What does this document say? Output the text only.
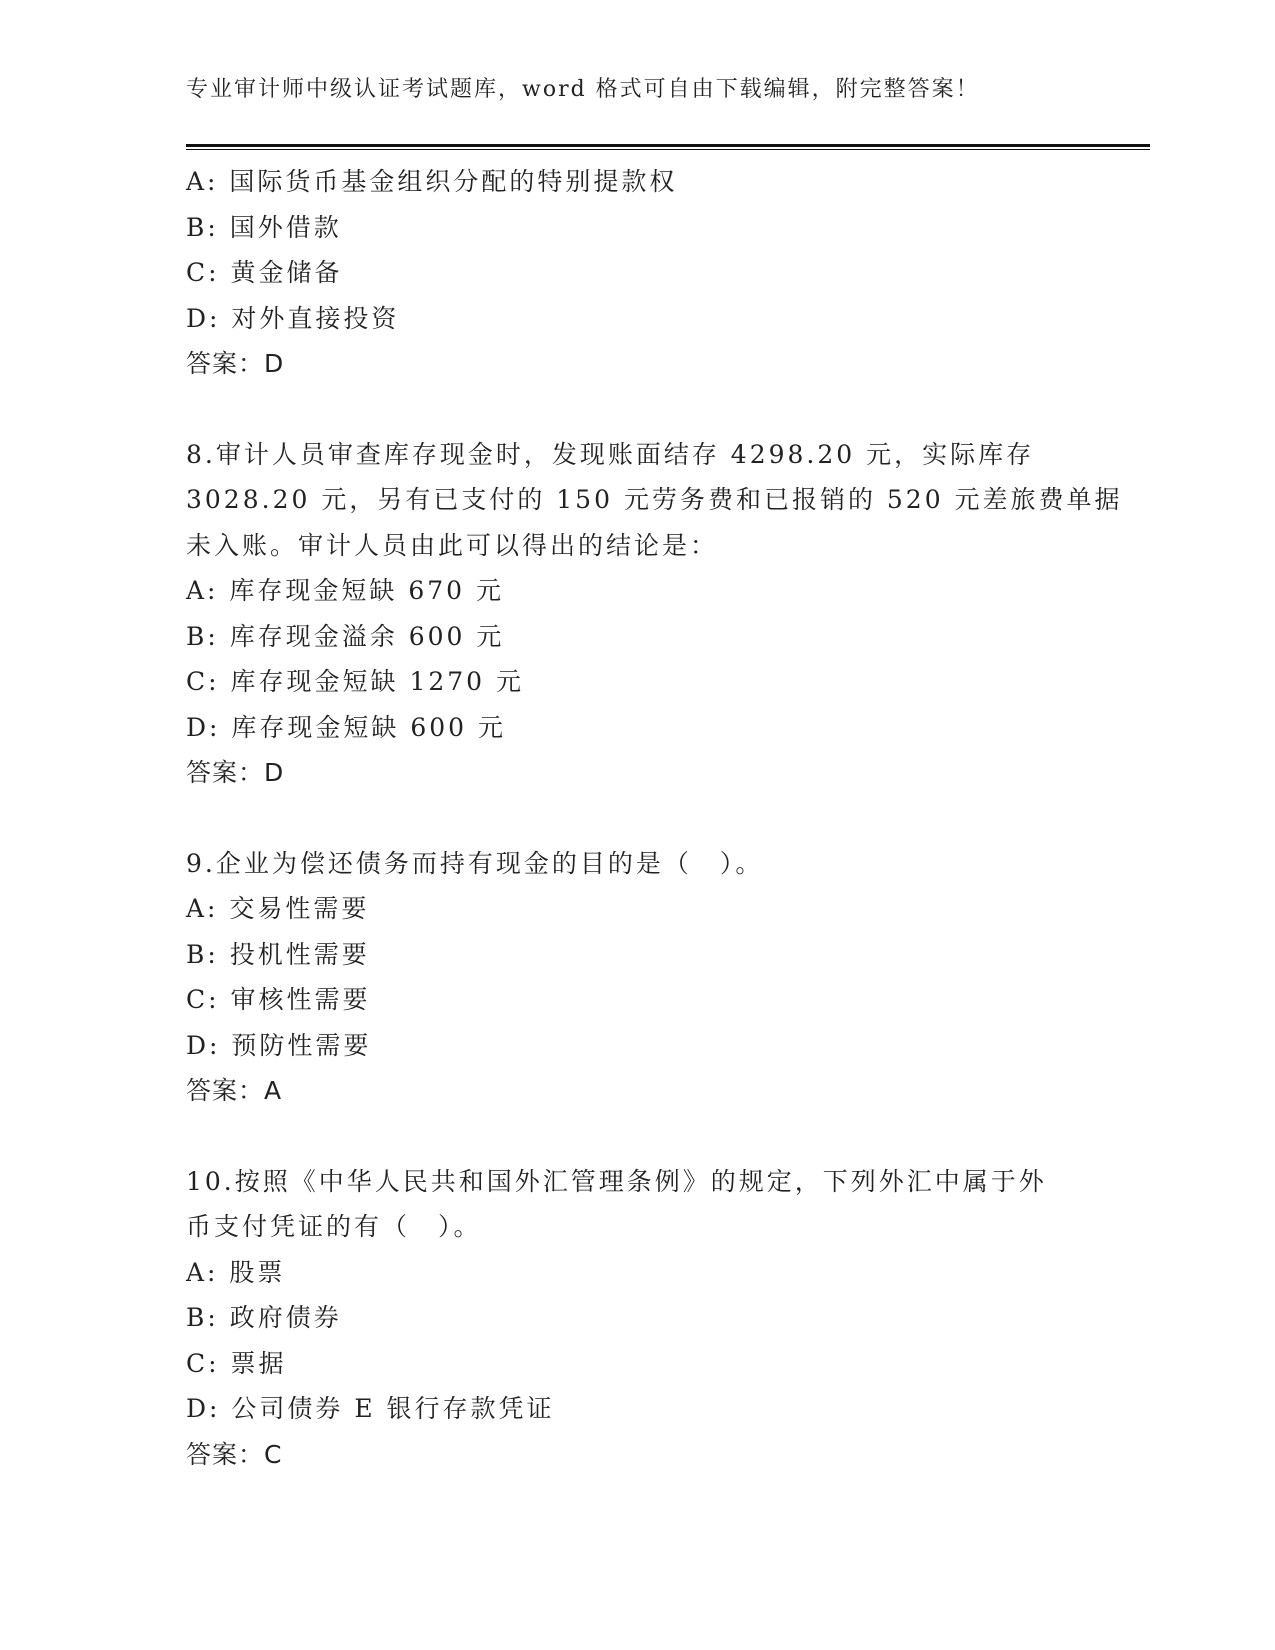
专业审计师中级认证考试题库，word 格式可自由下载编辑，附完整答案！
A: 国际货币基金组织分配的特别提款权
B: 国外借款
C: 黄金储备
D: 对外直接投资
答案：D
8.审计人员审查库存现金时，发现账面结存 4298.20 元，实际库存
3028.20 元，另有已支付的 150 元劳务费和已报销的 520 元差旅费单据
未入账。审计人员由此可以得出的结论是：
A: 库存现金短缺 670 元
B: 库存现金溢余 600 元
C: 库存现金短缺 1270 元
D: 库存现金短缺 600 元
答案：D
9.企业为偿还债务而持有现金的目的是（　）。
A: 交易性需要
B: 投机性需要
C: 审核性需要
D: 预防性需要
答案：A
10.按照《中华人民共和国外汇管理条例》的规定，下列外汇中属于外
币支付凭证的有（　）。
A: 股票
B: 政府债券
C: 票据
D: 公司债券 E 银行存款凭证
答案：C
